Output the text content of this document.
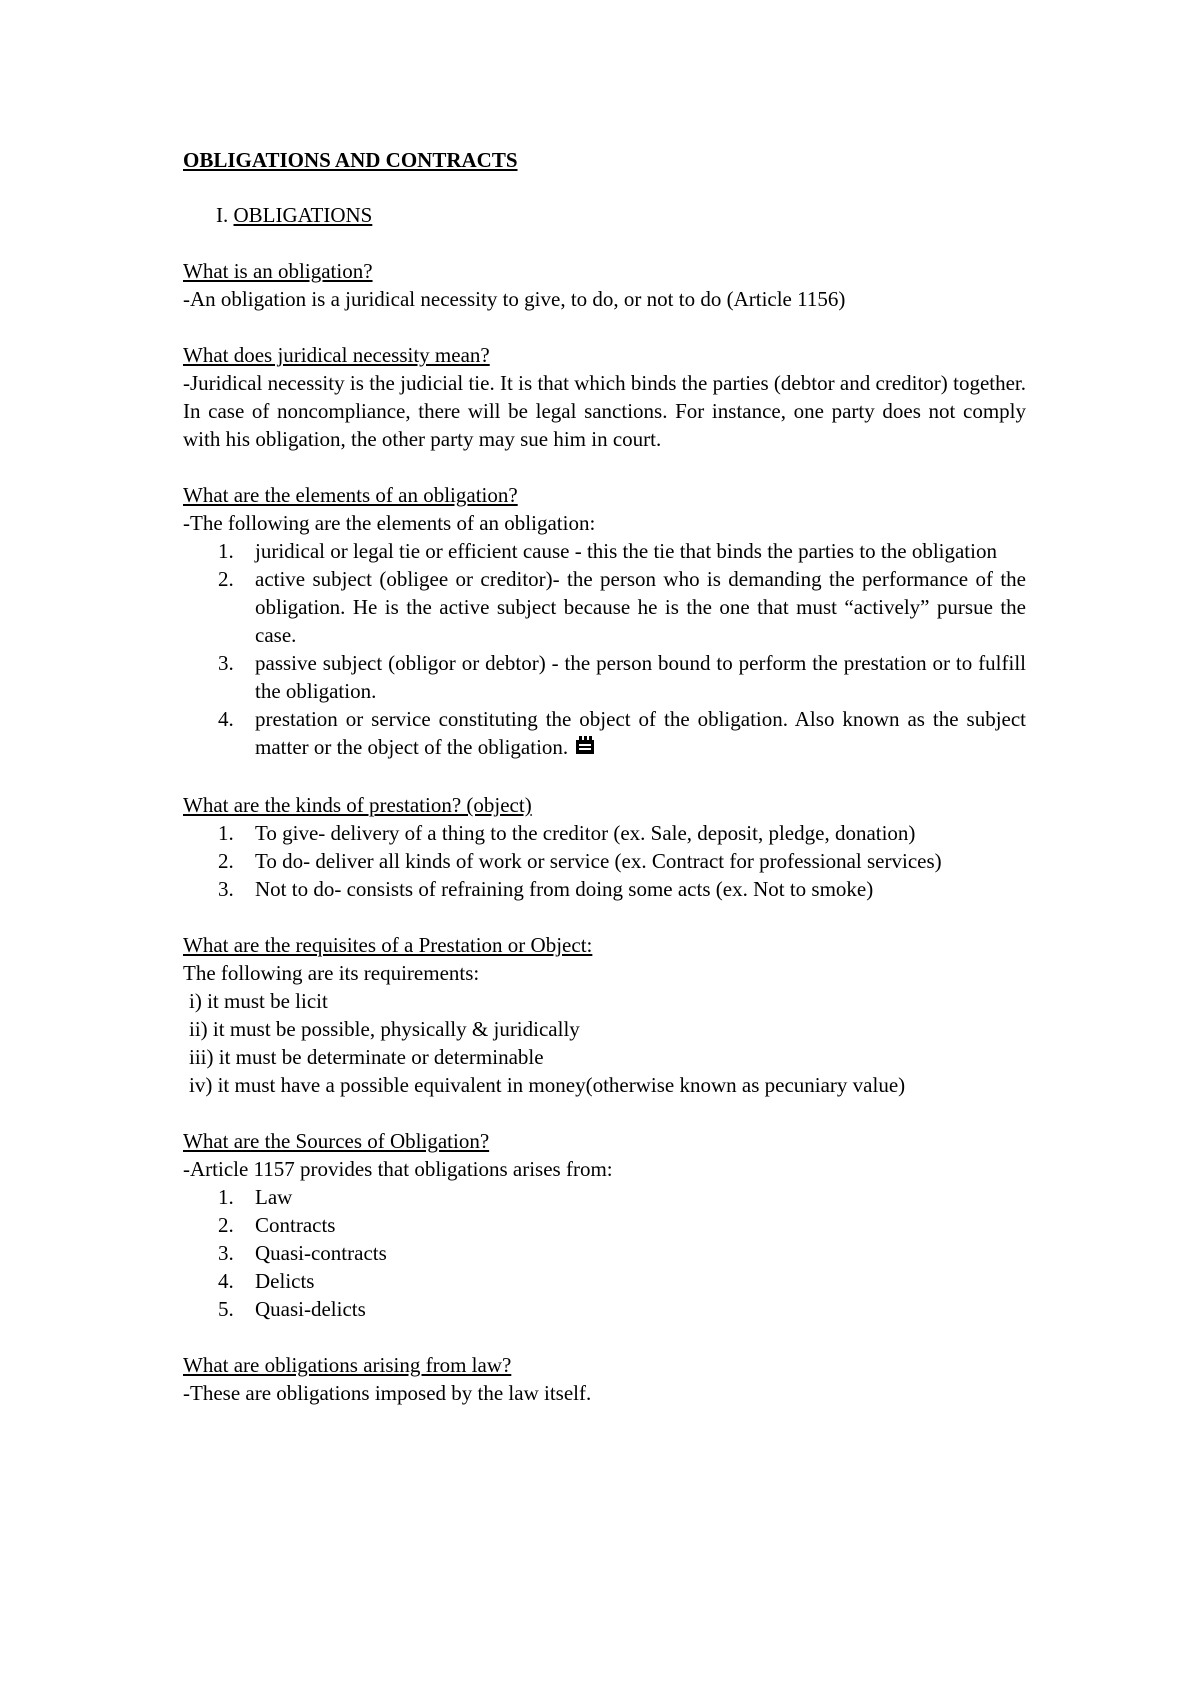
OBLIGATIONS AND CONTRACTS

I. OBLIGATIONS

What is an obligation?

-An obligation is a juridical necessity to give, to do, or not to do (Article 1156)

What does juridical necessity mean?

-Juridical necessity is the judicial tie. It is that which binds the parties (debtor and creditor) together. In case of noncompliance, there will be legal sanctions. For instance, one party does not comply with his obligation, the other party may sue him in court.

What are the elements of an obligation?

-The following are the elements of an obligation:

1. juridical or legal tie or efficient cause - this the tie that binds the parties to the obligation
2. active subject (obligee or creditor)- the person who is demanding the performance of the obligation. He is the active subject because he is the one that must “actively” pursue the case.
3. passive subject (obligor or debtor) - the person bound to perform the prestation or to fulfill the obligation.
4. prestation or service constituting the object of the obligation. Also known as the subject matter or the object of the obligation.

What are the kinds of prestation? (object)

1. To give- delivery of a thing to the creditor (ex. Sale, deposit, pledge, donation)
2. To do- deliver all kinds of work or service (ex. Contract for professional services)
3. Not to do- consists of refraining from doing some acts (ex. Not to smoke)

What are the requisites of a Prestation or Object:

The following are its requirements:

i) it must be licit
ii) it must be possible, physically & juridically
iii) it must be determinate or determinable
iv) it must have a possible equivalent in money(otherwise known as pecuniary value)

What are the Sources of Obligation?

-Article 1157 provides that obligations arises from:

1. Law
2. Contracts
3. Quasi-contracts
4. Delicts
5. Quasi-delicts

What are obligations arising from law?

-These are obligations imposed by the law itself.
